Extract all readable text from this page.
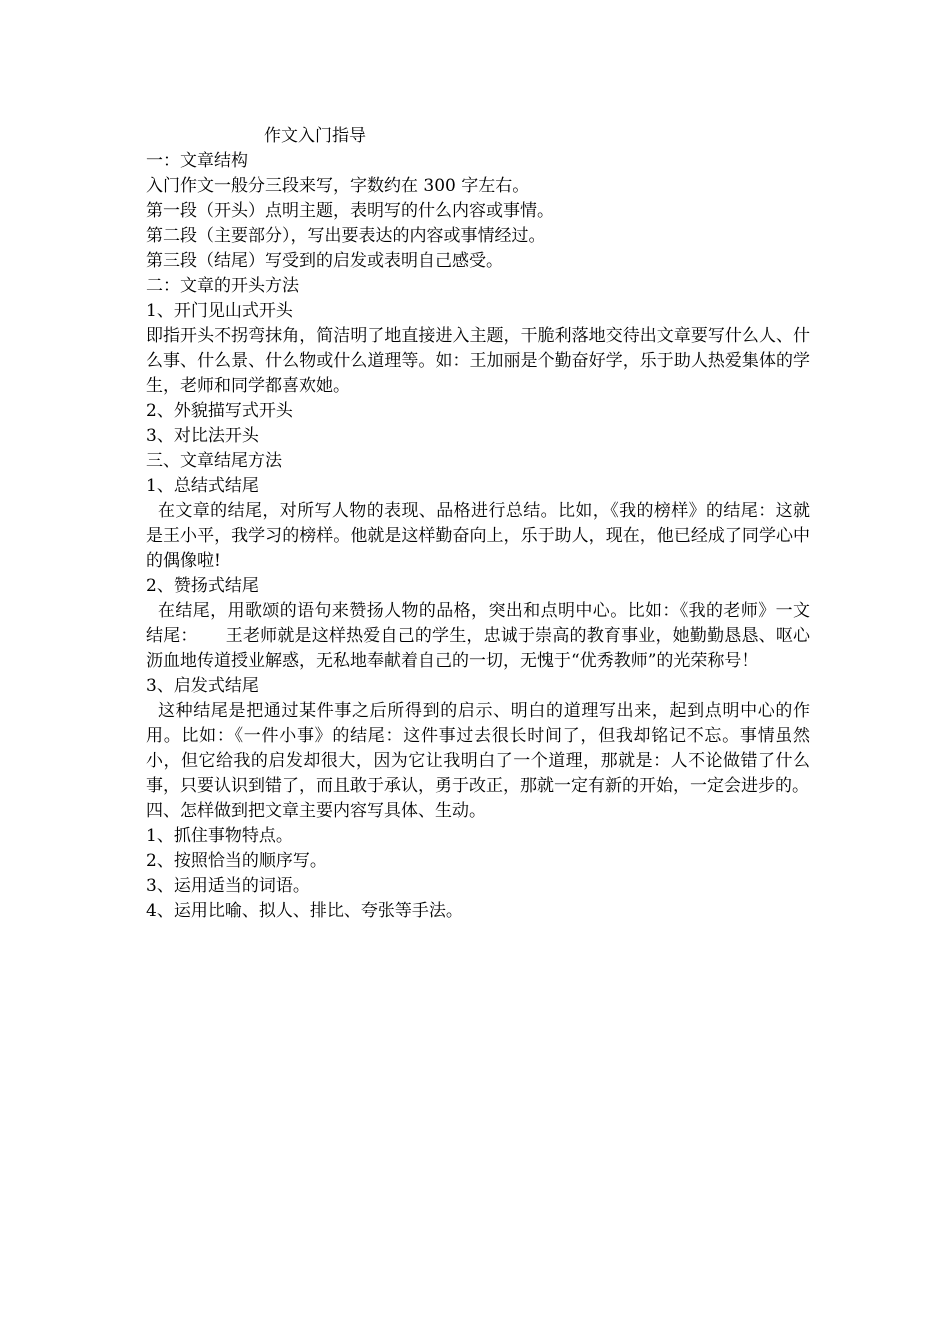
作文入门指导

一：文章结构

入门作文一般分三段来写，字数约在 300 字左右。

第一段（开头）点明主题，表明写的什么内容或事情。

第二段（主要部分），写出要表达的内容或事情经过。

第三段（结尾）写受到的启发或表明自己感受。

二：文章的开头方法

1、开门见山式开头

即指开头不拐弯抹角，简洁明了地直接进入主题，干脆利落地交待出文章要写什么人、什么事、什么景、什么物或什么道理等。如：王加丽是个勤奋好学，乐于助人热爱集体的学生，老师和同学都喜欢她。

2、外貌描写式开头

3、对比法开头

三、文章结尾方法

1、总结式结尾

在文章的结尾，对所写人物的表现、品格进行总结。比如，《我的榜样》的结尾：这就是王小平，我学习的榜样。他就是这样勤奋向上，乐于助人，现在，他已经成了同学心中的偶像啦!

2、赞扬式结尾

在结尾，用歌颂的语句来赞扬人物的品格，突出和点明中心。比如：《我的老师》一文结尾： 王老师就是这样热爱自己的学生，忠诚于崇高的教育事业，她勤勤恳恳、呕心沥血地传道授业解惑，无私地奉献着自己的一切，无愧于“优秀教师”的光荣称号！

3、启发式结尾

这种结尾是把通过某件事之后所得到的启示、明白的道理写出来，起到点明中心的作用。比如：《一件小事》的结尾：这件事过去很长时间了，但我却铭记不忘。事情虽然小，但它给我的启发却很大，因为它让我明白了一个道理，那就是：人不论做错了什么事，只要认识到错了，而且敢于承认，勇于改正，那就一定有新的开始，一定会进步的。

四、怎样做到把文章主要内容写具体、生动。

1、抓住事物特点。

2、按照恰当的顺序写。

3、运用适当的词语。

4、运用比喻、拟人、排比、夸张等手法。
